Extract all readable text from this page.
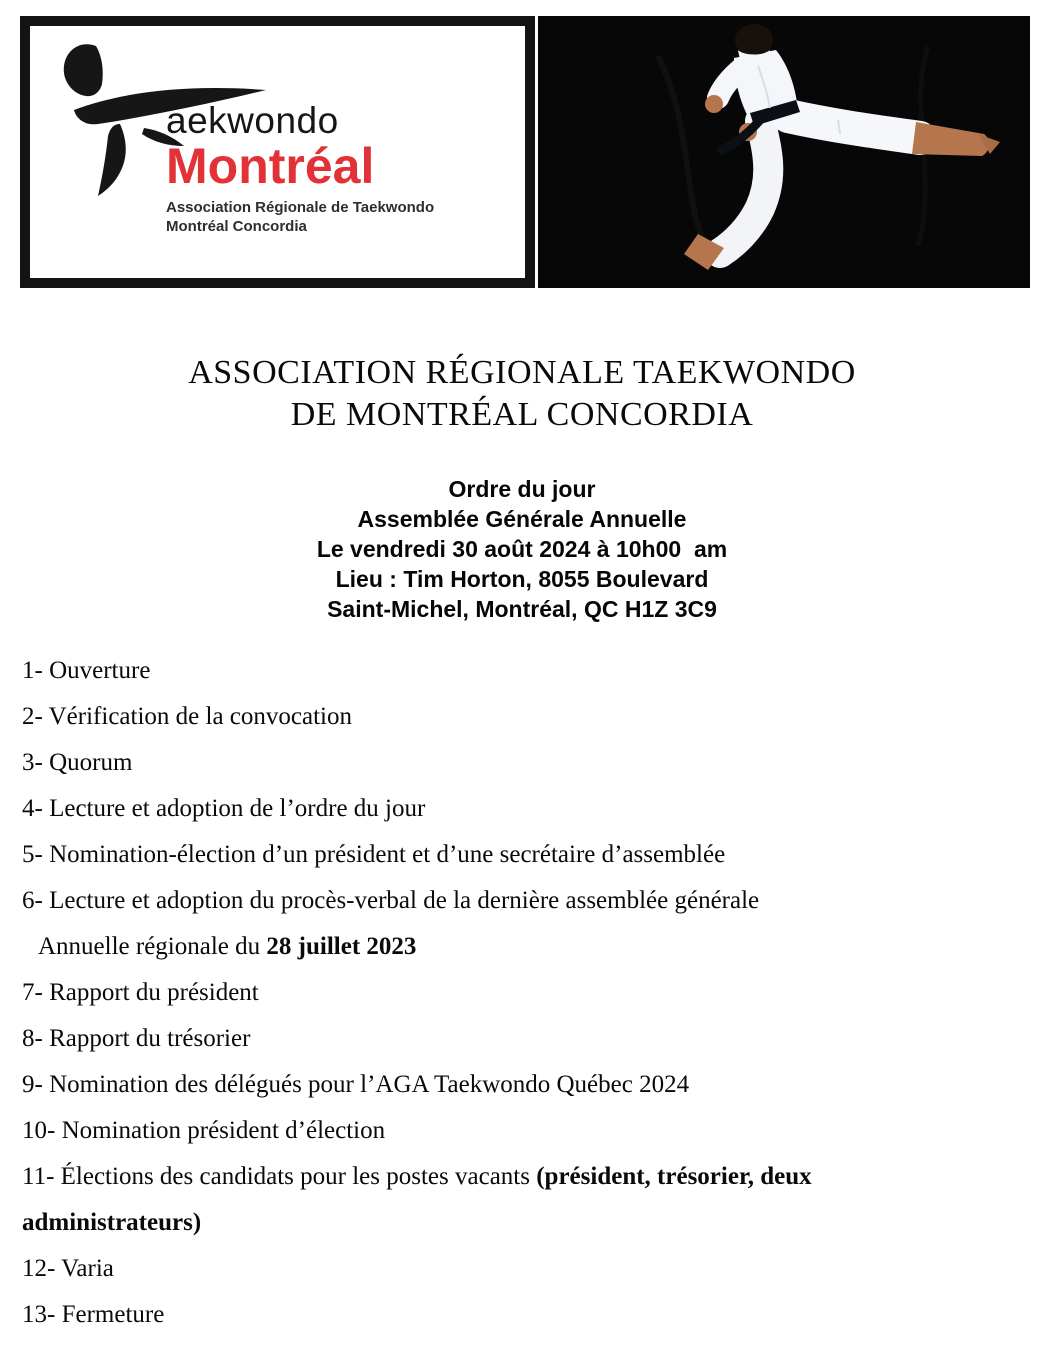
aekwondo
Montréal
Association Régionale de Taekwondo
Montréal Concordia
ASSOCIATION RÉGIONALE TAEKWONDO
DE MONTRÉAL CONCORDIA
Ordre du jour
Assemblée Générale Annuelle
Le vendredi 30 août 2024 à 10h00  am
Lieu : Tim Horton, 8055 Boulevard
Saint-Michel, Montréal, QC H1Z 3C9
1- Ouverture
2- Vérification de la convocation
3- Quorum
4- Lecture et adoption de l’ordre du jour
5- Nomination-élection d’un président et d’une secrétaire d’assemblée
6- Lecture et adoption du procès-verbal de la dernière assemblée générale
Annuelle régionale du 28 juillet 2023
7- Rapport du président
8- Rapport du trésorier
9- Nomination des délégués pour l’AGA Taekwondo Québec 2024
10- Nomination président d’élection
11- Élections des candidats pour les postes vacants (président, trésorier, deux
administrateurs)
12- Varia
13- Fermeture
